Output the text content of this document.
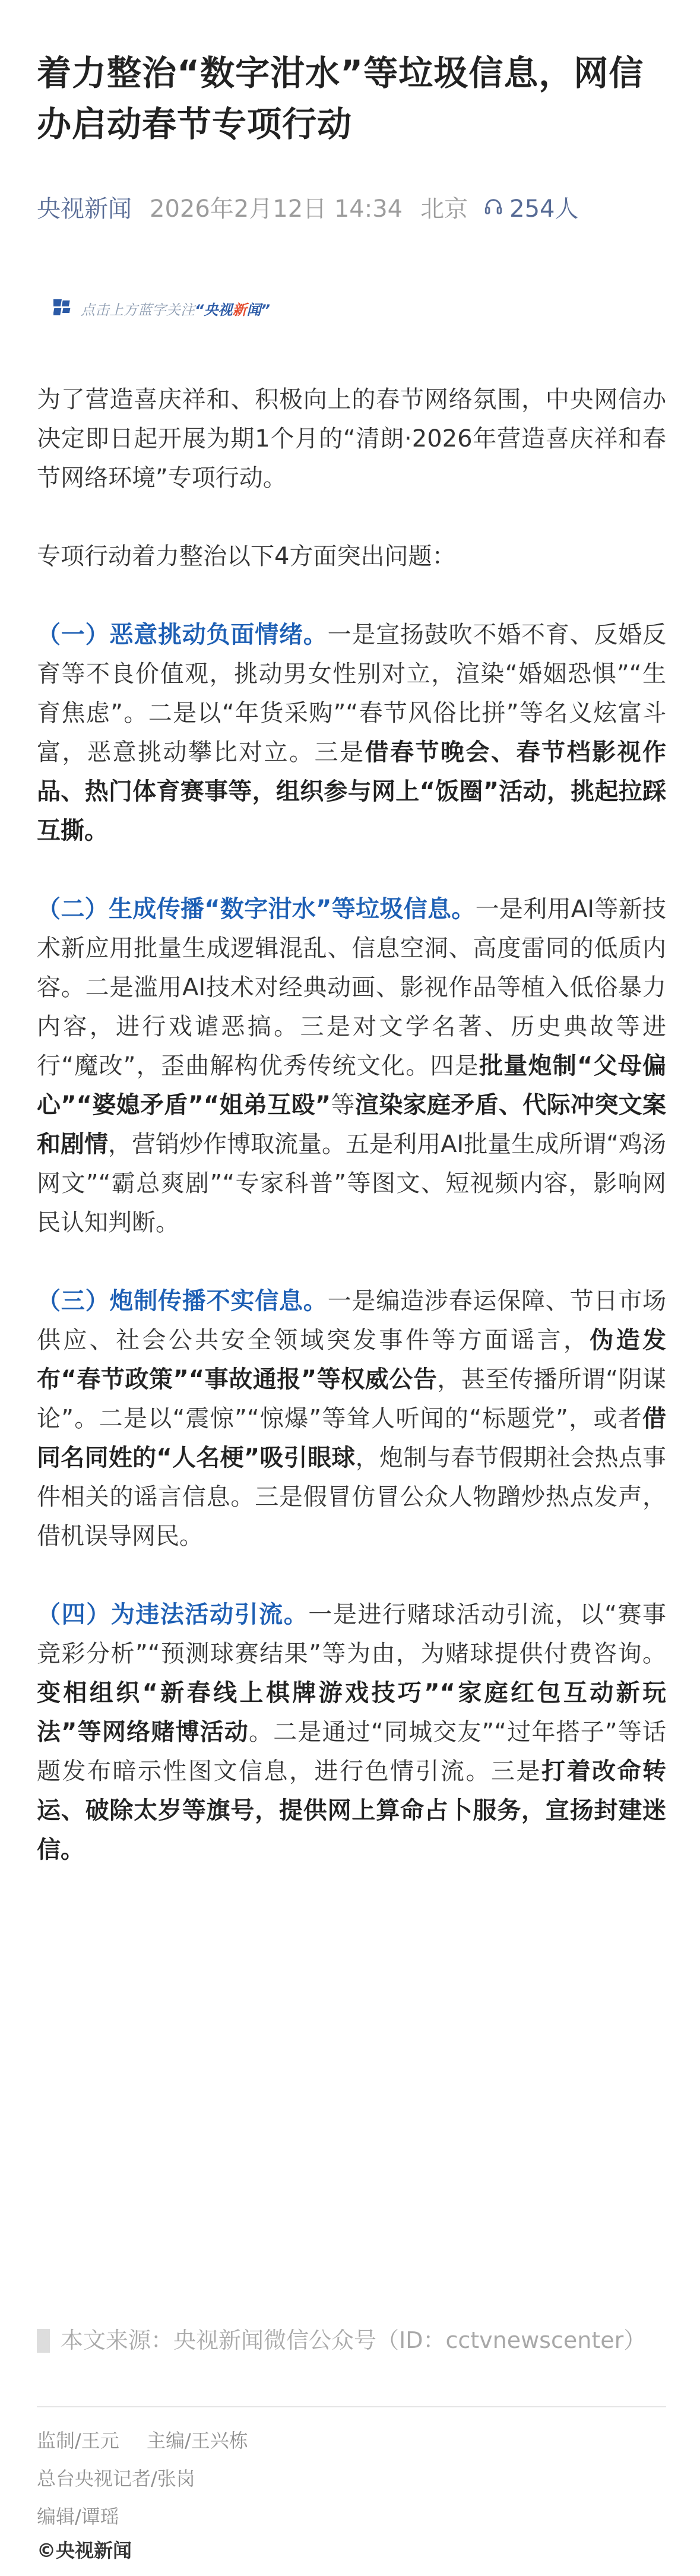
着力整治“数字泔水”等垃圾信息，网信办启动春节专项行动
央视新闻 2026年2月12日 14:34 北京 254人
点击上方蓝字关注 “央视 新 闻”

为了营造喜庆祥和、积极向上的春节网络氛围，中央网信办决定即日起开展为期1个月的“清朗·2026年营造喜庆祥和春节网络环境”专项行动。

专项行动着力整治以下4方面突出问题：

（一）恶意挑动负面情绪。一是宣扬鼓吹不婚不育、反婚反育等不良价值观，挑动男女性别对立，渲染“婚姻恐惧”“生育焦虑”。二是以“年货采购”“春节风俗比拼”等名义炫富斗富，恶意挑动攀比对立。三是借春节晚会、春节档影视作品、热门体育赛事等，组织参与网上“饭圈”活动，挑起拉踩互撕。

（二）生成传播“数字泔水”等垃圾信息。一是利用AI等新技术新应用批量生成逻辑混乱、信息空洞、高度雷同的低质内容。二是滥用AI技术对经典动画、影视作品等植入低俗暴力内容，进行戏谑恶搞。三是对文学名著、历史典故等进行“魔改”，歪曲解构优秀传统文化。四是批量炮制“父母偏心”“婆媳矛盾”“姐弟互殴”等渲染家庭矛盾、代际冲突文案和剧情，营销炒作博取流量。五是利用AI批量生成所谓“鸡汤网文”“霸总爽剧”“专家科普”等图文、短视频内容，影响网民认知判断。

（三）炮制传播不实信息。一是编造涉春运保障、节日市场供应、社会公共安全领域突发事件等方面谣言，伪造发布“春节政策”“事故通报”等权威公告，甚至传播所谓“阴谋论”。二是以“震惊”“惊爆”等耸人听闻的“标题党”，或者借同名同姓的“人名梗”吸引眼球，炮制与春节假期社会热点事件相关的谣言信息。三是假冒仿冒公众人物蹭炒热点发声，借机误导网民。

（四）为违法活动引流。一是进行赌球活动引流，以“赛事竞彩分析”“预测球赛结果”等为由，为赌球提供付费咨询。变相组织“新春线上棋牌游戏技巧”“家庭红包互动新玩法”等网络赌博活动。二是通过“同城交友”“过年搭子”等话题发布暗示性图文信息，进行色情引流。三是打着改命转运、破除太岁等旗号，提供网上算命占卜服务，宣扬封建迷信。

本文来源：央视新闻微信公众号（ID：cctvnewscenter）
监制/王元 主编/王兴栋
总台央视记者/张岗
编辑/谭瑶
©央视新闻
